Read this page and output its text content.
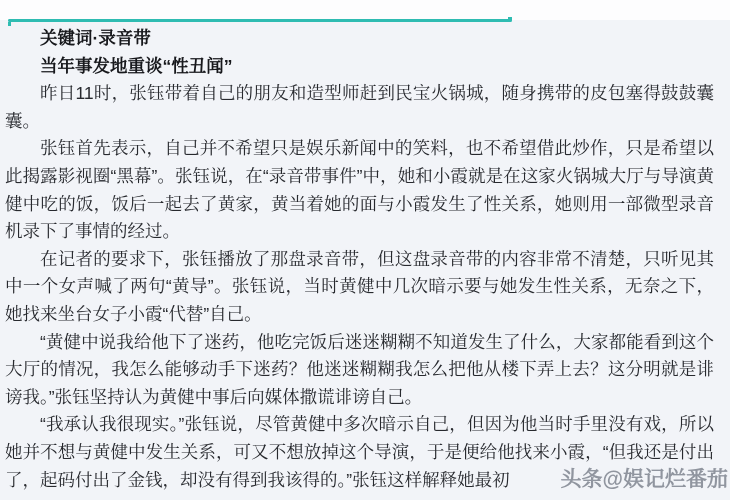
关键词·录音带

当年事发地重谈“性丑闻”

昨日11时，张钰带着自己的朋友和造型师赶到民宝火锅城，随身携带的皮包塞得鼓鼓囊囊。

张钰首先表示，自己并不希望只是娱乐新闻中的笑料，也不希望借此炒作，只是希望以此揭露影视圈“黑幕”。张钰说，在“录音带事件”中，她和小霞就是在这家火锅城大厅与导演黄健中吃的饭，饭后一起去了黄家，黄当着她的面与小霞发生了性关系，她则用一部微型录音机录下了事情的经过。

在记者的要求下，张钰播放了那盘录音带，但这盘录音带的内容非常不清楚，只听见其中一个女声喊了两句“黄导”。张钰说，当时黄健中几次暗示要与她发生性关系，无奈之下，她找来坐台女子小霞“代替”自己。

“黄健中说我给他下了迷药，他吃完饭后迷迷糊糊不知道发生了什么，大家都能看到这个大厅的情况，我怎么能够动手下迷药？他迷迷糊糊我怎么把他从楼下弄上去？这分明就是诽谤我。”张钰坚持认为黄健中事后向媒体撒谎诽谤自己。

“我承认我很现实。”张钰说，尽管黄健中多次暗示自己，但因为他当时手里没有戏，所以她并不想与黄健中发生关系，可又不想放掉这个导演，于是便给他找来小霞，“但我还是付出了，起码付出了金钱，却没有得到我该得的。”张钰这样解释她最初	头条@娱记烂番茄
